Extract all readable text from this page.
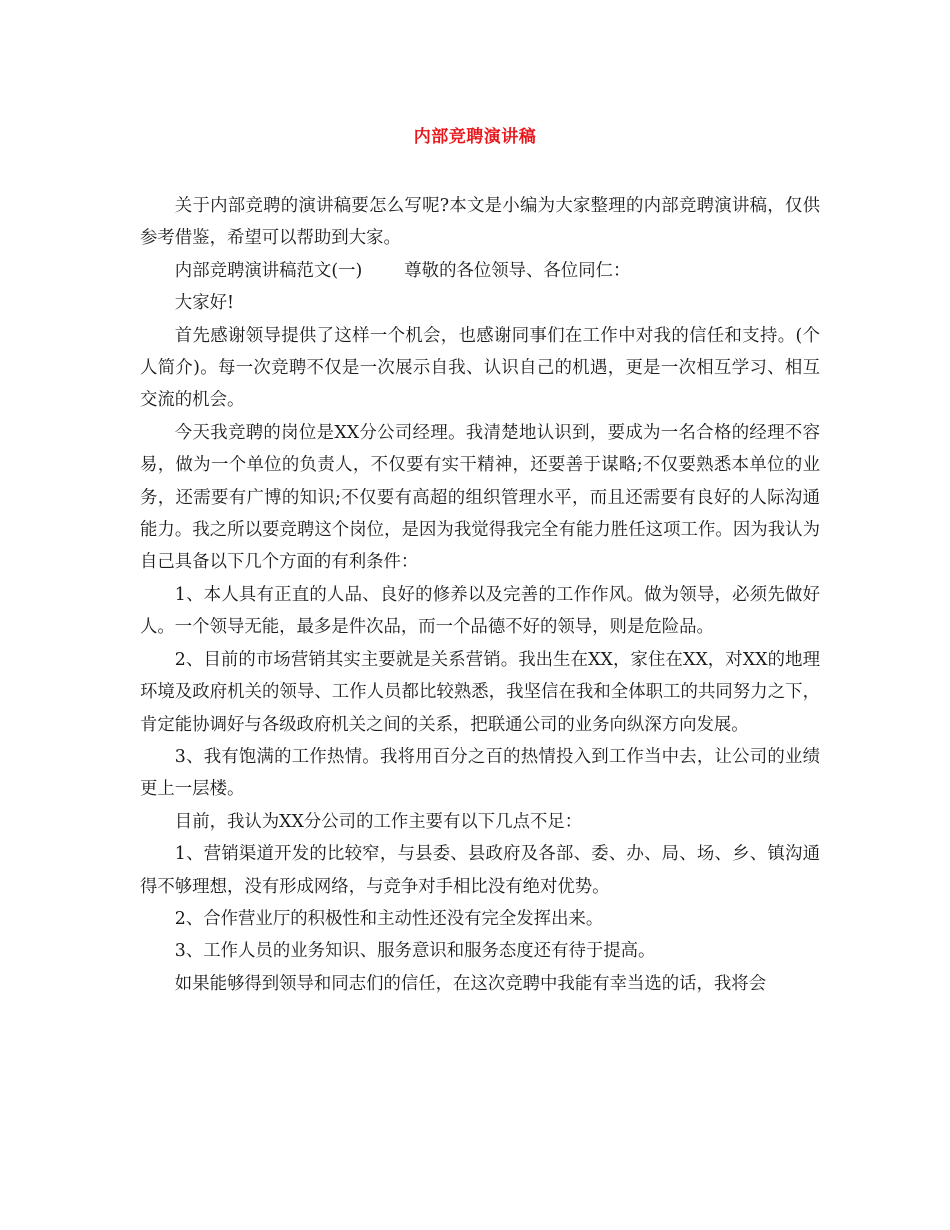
内部竞聘演讲稿

关于内部竞聘的演讲稿要怎么写呢?本文是小编为大家整理的内部竞聘演讲稿，仅供参考借鉴，希望可以帮助到大家。

内部竞聘演讲稿范文(一) 尊敬的各位领导、各位同仁：

大家好!

首先感谢领导提供了这样一个机会，也感谢同事们在工作中对我的信任和支持。(个人简介)。每一次竞聘不仅是一次展示自我、认识自己的机遇，更是一次相互学习、相互交流的机会。

今天我竞聘的岗位是XX分公司经理。我清楚地认识到，要成为一名合格的经理不容易，做为一个单位的负责人，不仅要有实干精神，还要善于谋略;不仅要熟悉本单位的业务，还需要有广博的知识;不仅要有高超的组织管理水平，而且还需要有良好的人际沟通能力。我之所以要竞聘这个岗位，是因为我觉得我完全有能力胜任这项工作。因为我认为自己具备以下几个方面的有利条件：

1、本人具有正直的人品、良好的修养以及完善的工作作风。做为领导，必须先做好人。一个领导无能，最多是件次品，而一个品德不好的领导，则是危险品。

2、目前的市场营销其实主要就是关系营销。我出生在XX，家住在XX，对XX的地理环境及政府机关的领导、工作人员都比较熟悉，我坚信在我和全体职工的共同努力之下，肯定能协调好与各级政府机关之间的关系，把联通公司的业务向纵深方向发展。

3、我有饱满的工作热情。我将用百分之百的热情投入到工作当中去，让公司的业绩更上一层楼。

目前，我认为XX分公司的工作主要有以下几点不足：

1、营销渠道开发的比较窄，与县委、县政府及各部、委、办、局、场、乡、镇沟通得不够理想，没有形成网络，与竞争对手相比没有绝对优势。

2、合作营业厅的积极性和主动性还没有完全发挥出来。

3、工作人员的业务知识、服务意识和服务态度还有待于提高。

如果能够得到领导和同志们的信任，在这次竞聘中我能有幸当选的话，我将会
